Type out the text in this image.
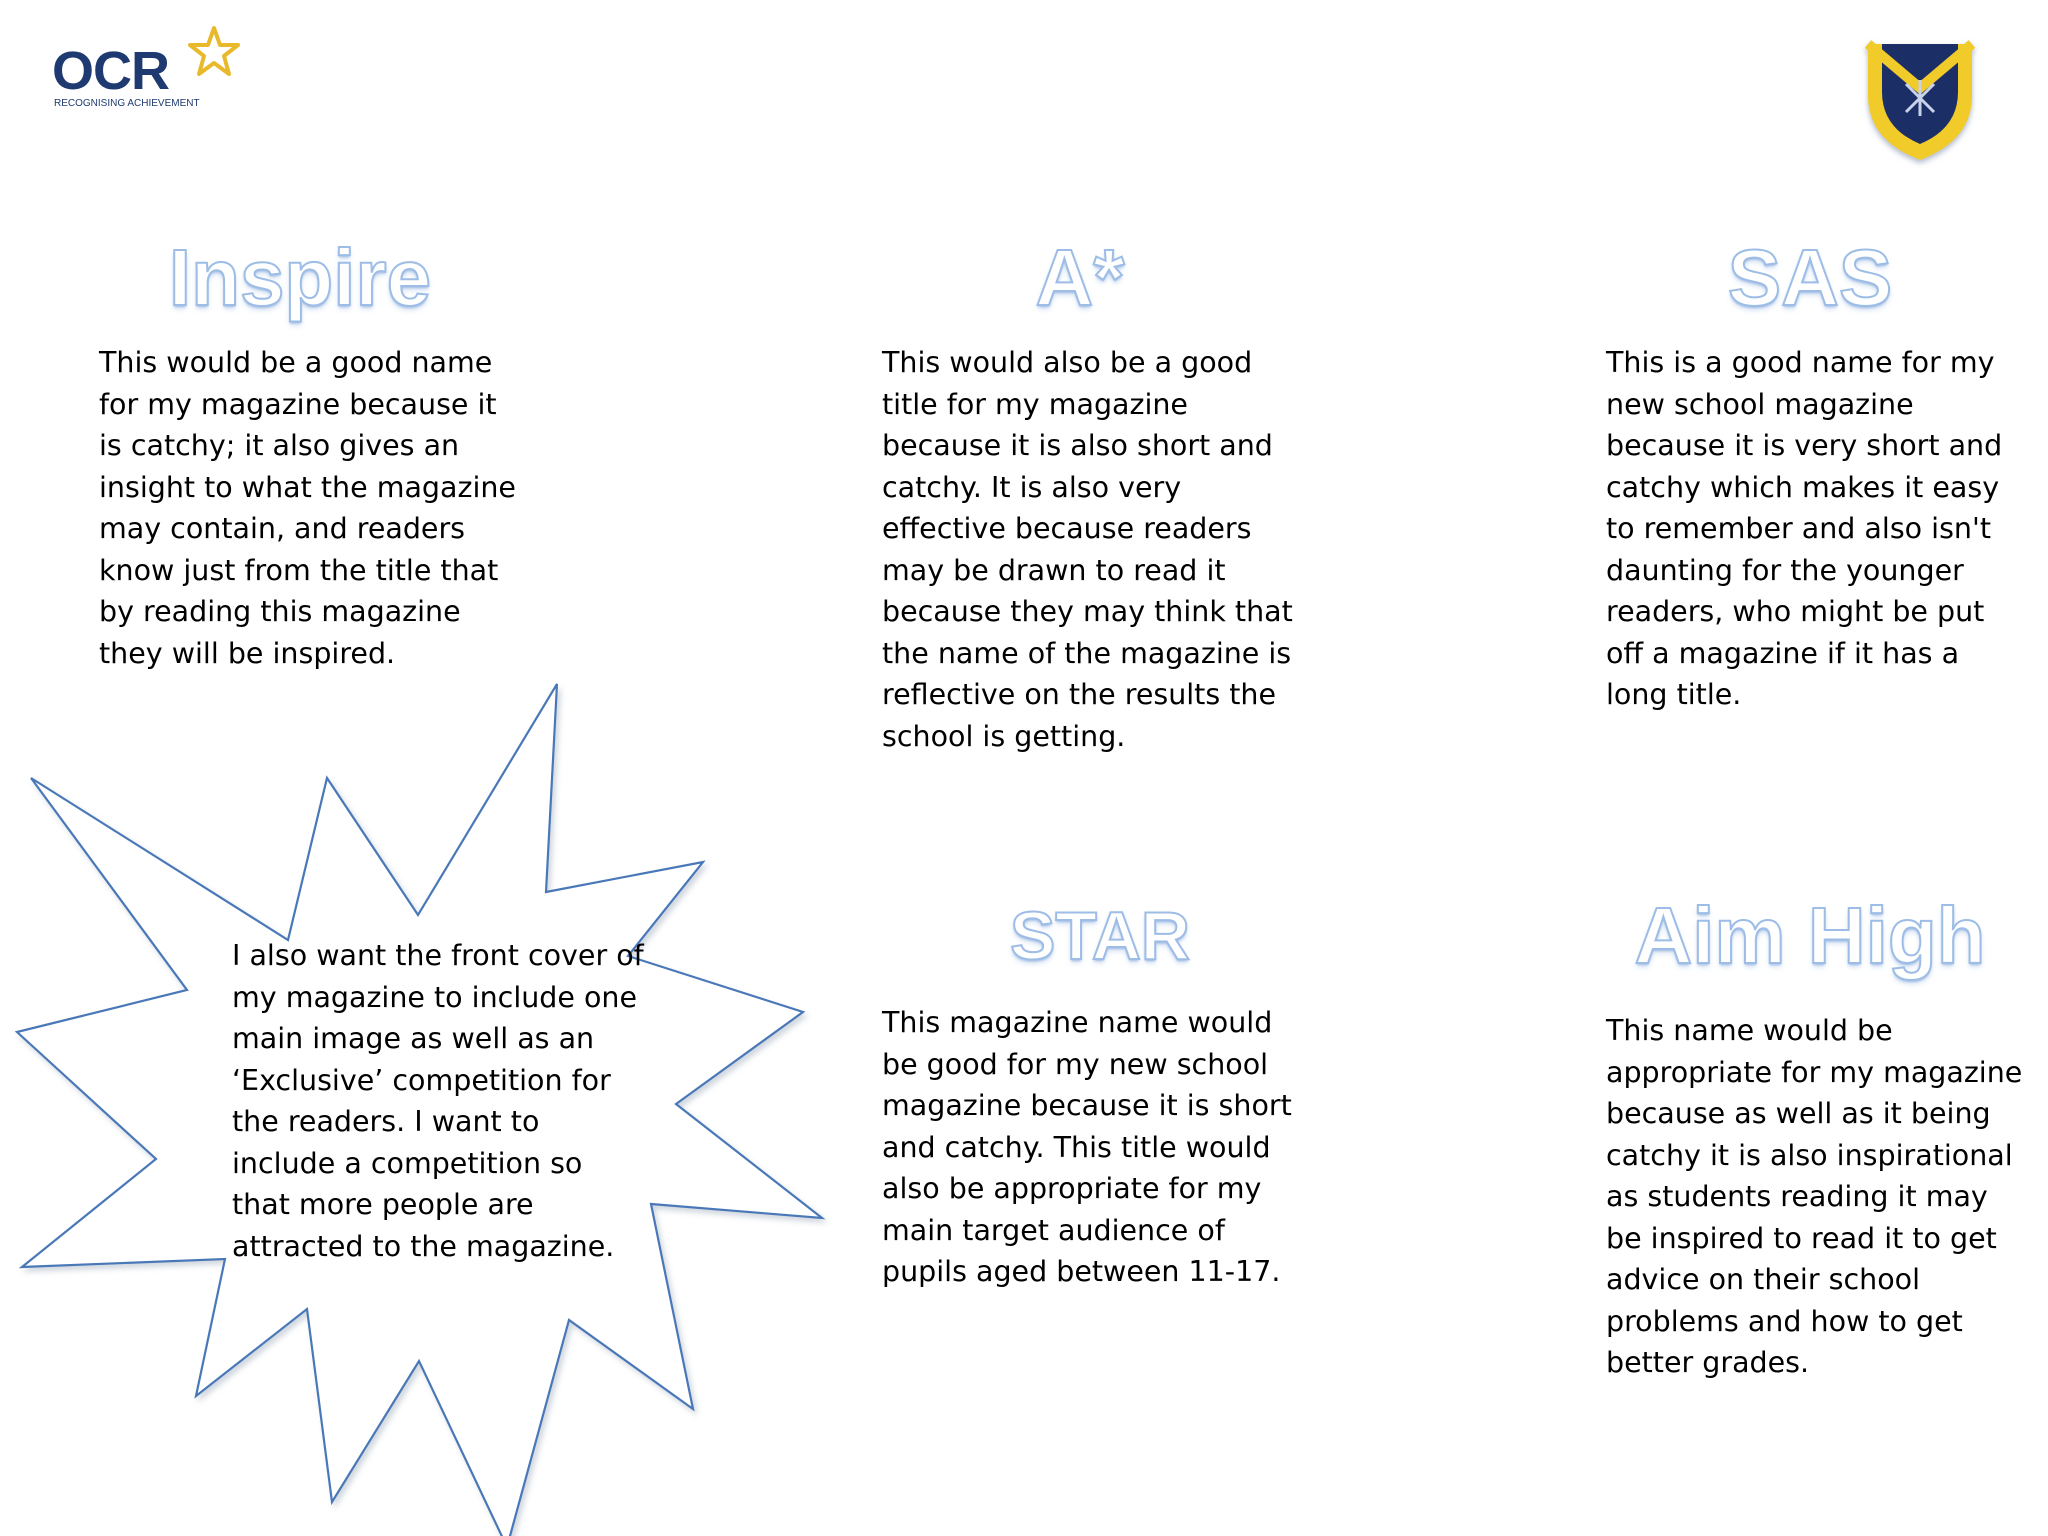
OCR
RECOGNISING ACHIEVEMENT
Inspire	A*	SAS
STAR	Aim High
This would be a good name
for my magazine because it
is catchy; it also gives an
insight to what the magazine
may contain, and readers
know just from the title that
by reading this magazine
they will be inspired.
This would also be a good
title for my magazine
because it is also short and
catchy. It is also very
effective because readers
may be drawn to read it
because they may think that
the name of the magazine is
reflective on the results the
school is getting.
This is a good name for my
new school magazine
because it is very short and
catchy which makes it easy
to remember and also isn't
daunting for the younger
readers, who might be put
off a magazine if it has a
long title.
This magazine name would
be good for my new school
magazine because it is short
and catchy. This title would
also be appropriate for my
main target audience of
pupils aged between 11-17.
This name would be
appropriate for my magazine
because as well as it being
catchy it is also inspirational
as students reading it may
be inspired to read it to get
advice on their school
problems and how to get
better grades.
I also want the front cover of
my magazine to include one
main image as well as an
‘Exclusive’ competition for
the readers. I want to
include a competition so
that more people are
attracted to the magazine.
